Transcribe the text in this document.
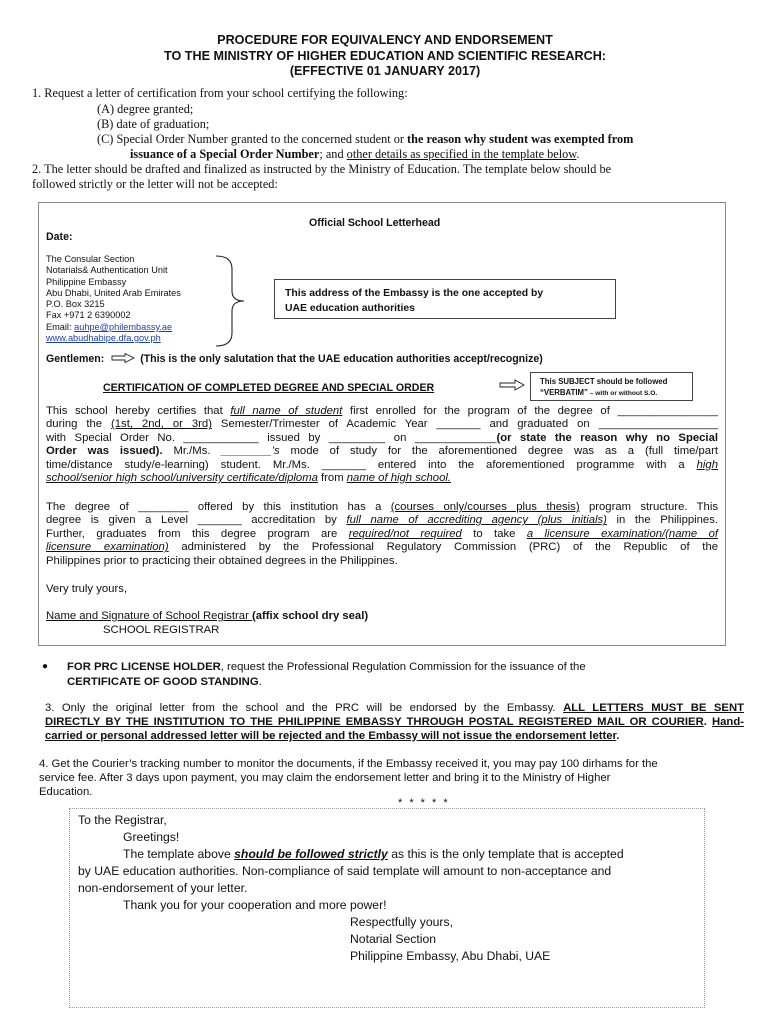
PROCEDURE FOR EQUIVALENCY AND ENDORSEMENT
TO THE MINISTRY OF HIGHER EDUCATION AND SCIENTIFIC RESEARCH:
(EFFECTIVE 01 JANUARY 2017)
1. Request a letter of certification from your school certifying the following:
(A) degree granted;
(B) date of graduation;
(C) Special Order Number granted to the concerned student or the reason why student was exempted from
issuance of a Special Order Number; and other details as specified in the template below.
2. The letter should be drafted and finalized as instructed by the Ministry of Education. The template below should be
followed strictly or the letter will not be accepted:
Official School Letterhead
Date:
The Consular Section
Notarials& Authentication Unit
Philippine Embassy
Abu Dhabi, United Arab Emirates
P.O. Box 3215
Fax +971 2 6390002
Email: auhpe@philembassy.ae
www.abudhabipe.dfa.gov.ph
This address of the Embassy is the one accepted by
UAE education authorities
Gentlemen:	(This is the only salutation that the UAE education authorities accept/recognize)
CERTIFICATION OF COMPLETED DEGREE AND SPECIAL ORDER
This SUBJECT should be followed
“VERBATIM” – with or without S.O.
This school hereby certifies that full name of student first enrolled for the program of the degree of ________________
during the (1st, 2nd, or 3rd) Semester/Trimester of Academic Year _______ and graduated on ___________________
with Special Order No. ____________ issued by _________ on _____________(or state the reason why no Special
Order was issued). Mr./Ms. ________’s mode of study for the aforementioned degree was as a (full time/part
time/distance study/e-learning) student. Mr./Ms. _______ entered into the aforementioned programme with a high
school/senior high school/university certificate/diploma from name of high school.
The degree of ________ offered by this institution has a (courses only/courses plus thesis) program structure. This
degree is given a Level _______ accreditation by full name of accrediting agency (plus initials) in the Philippines.
Further, graduates from this degree program are required/not required to take a licensure examination/(name of
licensure examination) administered by the Professional Regulatory Commission (PRC) of the Republic of the
Philippines prior to practicing their obtained degrees in the Philippines.
Very truly yours,
Name and Signature of School Registrar (affix school dry seal)
SCHOOL REGISTRAR
● FOR PRC LICENSE HOLDER, request the Professional Regulation Commission for the issuance of the
CERTIFICATE OF GOOD STANDING.
3. Only the original letter from the school and the PRC will be endorsed by the Embassy. ALL LETTERS MUST BE SENT
DIRECTLY BY THE INSTITUTION TO THE PHILIPPINE EMBASSY THROUGH POSTAL REGISTERED MAIL OR COURIER. Hand-
carried or personal addressed letter will be rejected and the Embassy will not issue the endorsement letter.
4. Get the Courier’s tracking number to monitor the documents, if the Embassy received it, you may pay 100 dirhams for the
service fee. After 3 days upon payment, you may claim the endorsement letter and bring it to the Ministry of Higher
Education.
* * * * *
To the Registrar,
Greetings!
The template above should be followed strictly as this is the only template that is accepted
by UAE education authorities. Non-compliance of said template will amount to non-acceptance and
non-endorsement of your letter.
Thank you for your cooperation and more power!
Respectfully yours,
Notarial Section
Philippine Embassy, Abu Dhabi, UAE
